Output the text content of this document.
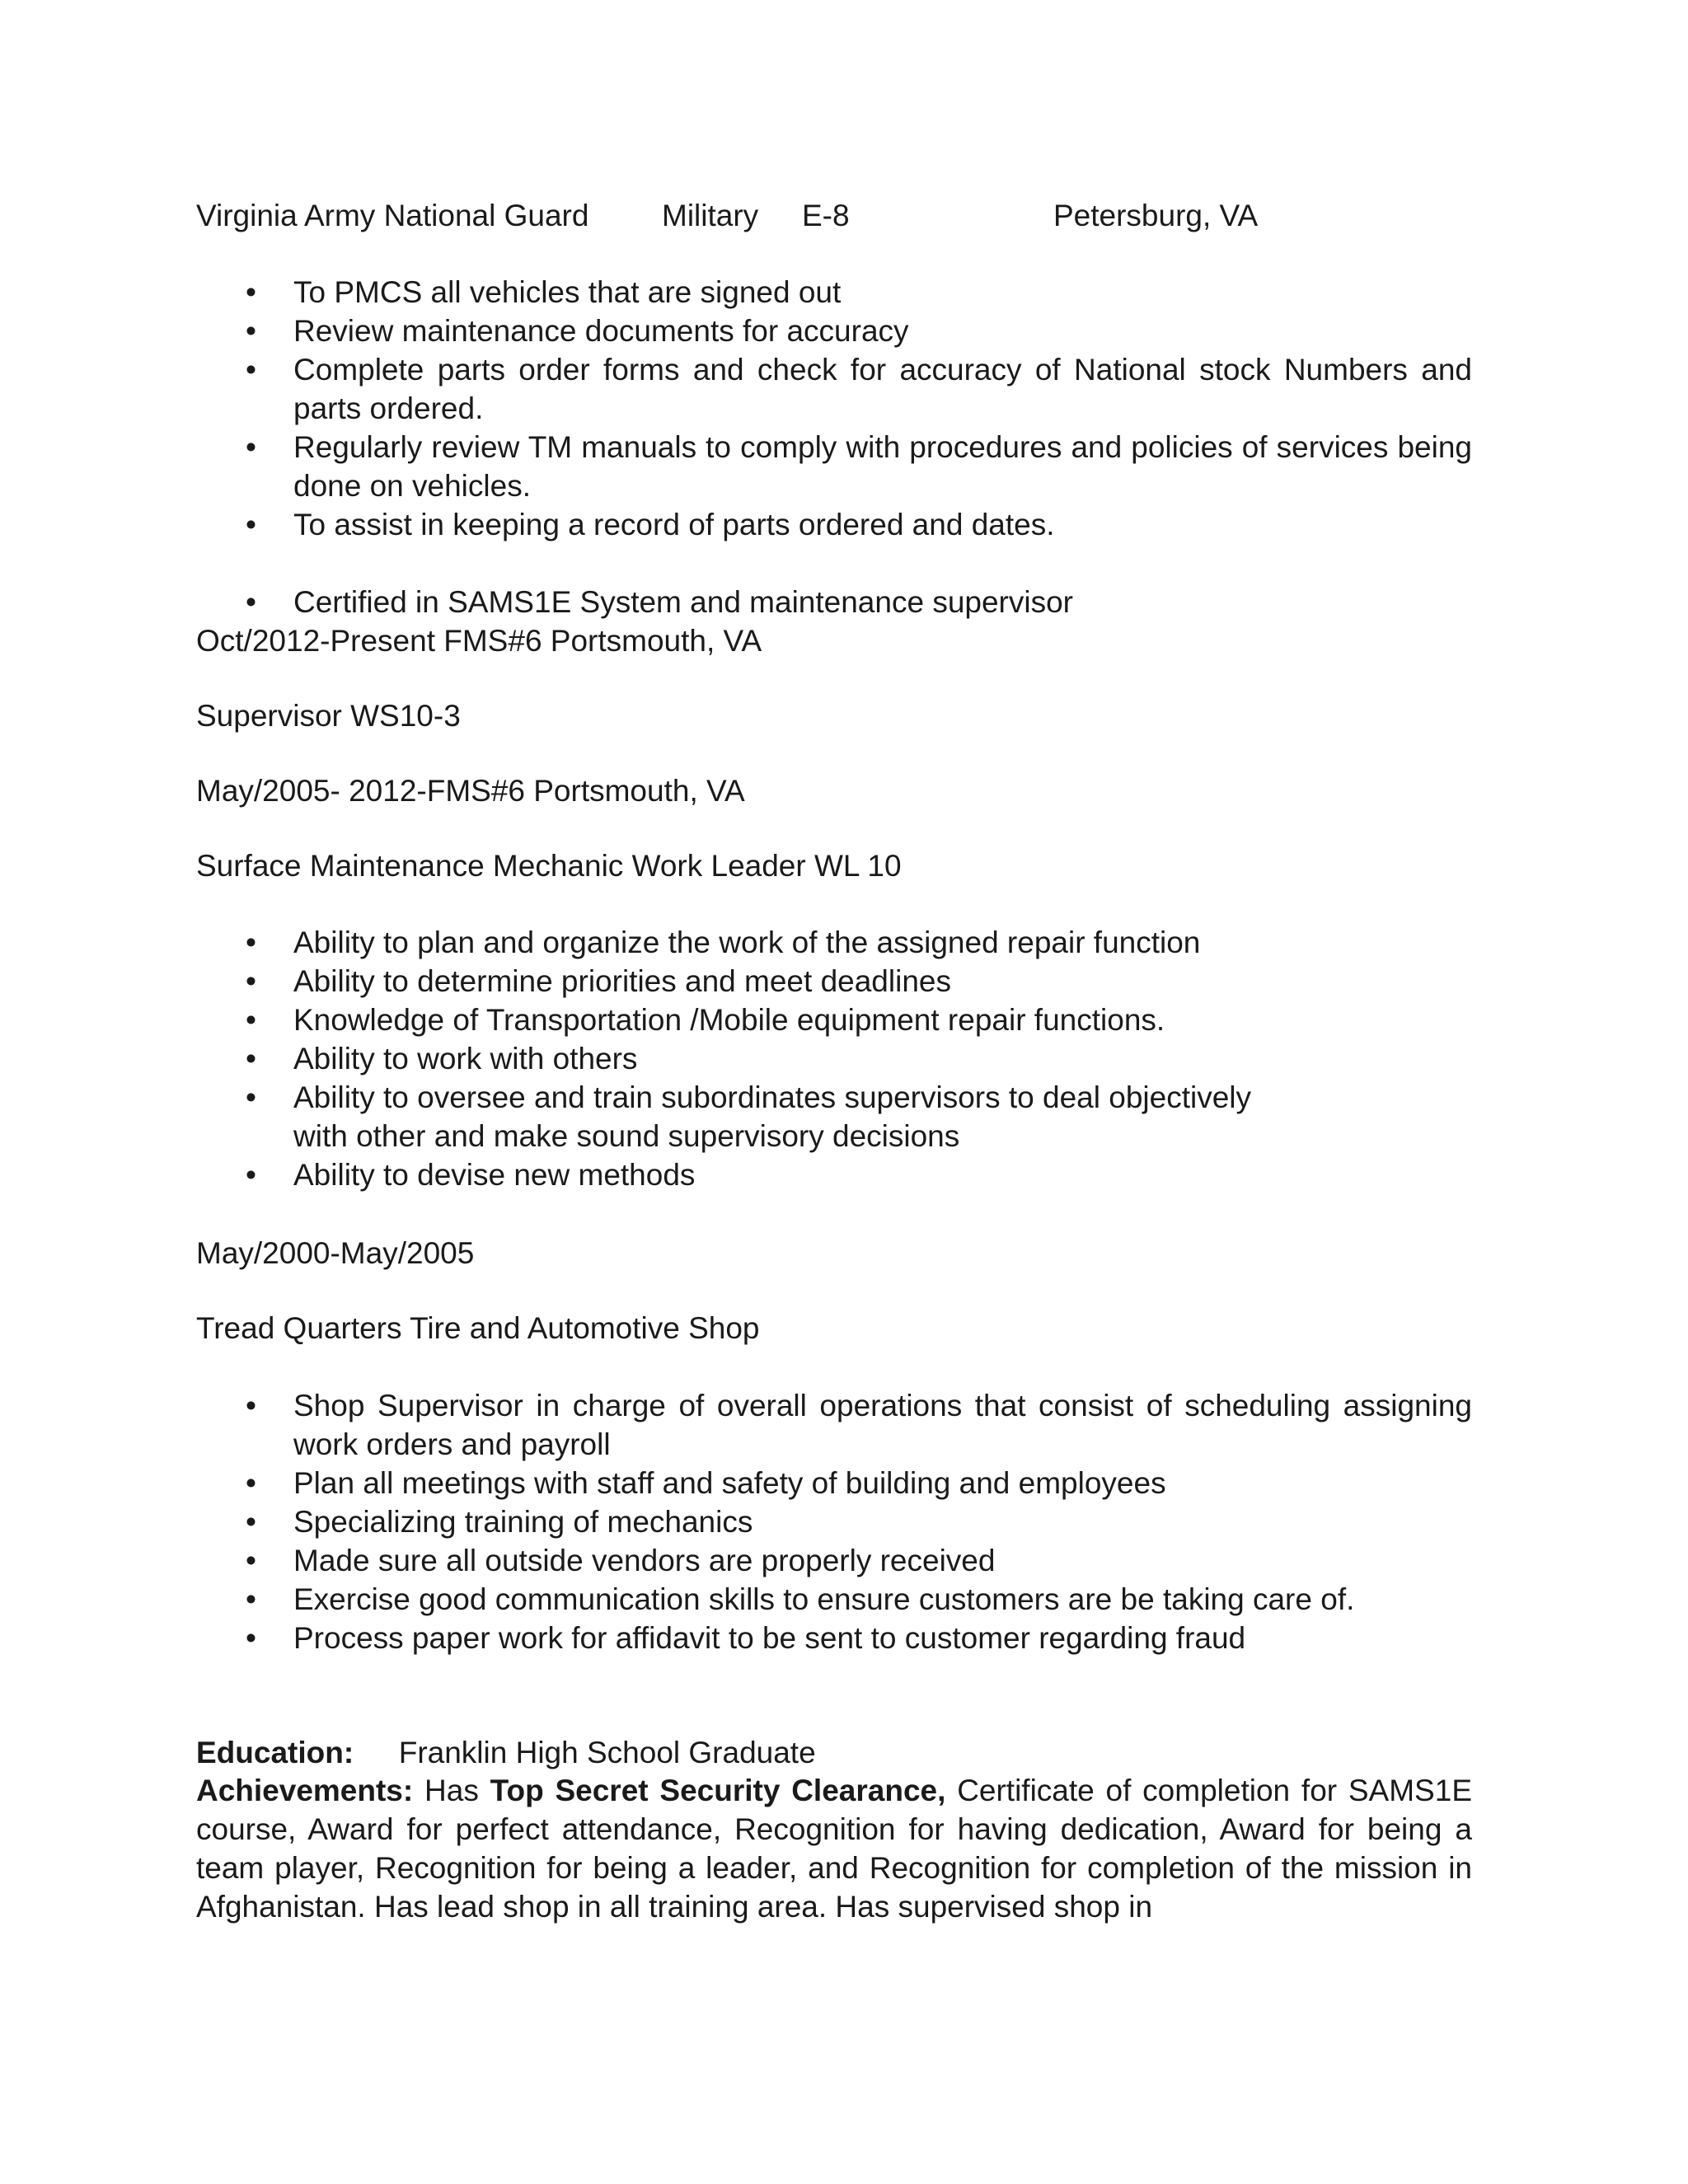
Virginia Army National Guard Military E-8	Petersburg, VA
• To PMCS all vehicles that are signed out
• Review maintenance documents for accuracy
• Complete parts order forms and check for accuracy of National stock Numbers and parts ordered.
• Regularly review TM manuals to comply with procedures and policies of services being done on vehicles.
• To assist in keeping a record of parts ordered and dates.
• Certified in SAMS1E System and maintenance supervisor
Oct/2012-Present FMS#6 Portsmouth, VA
Supervisor WS10-3
May/2005- 2012-FMS#6 Portsmouth, VA
Surface Maintenance Mechanic Work Leader WL 10
• Ability to plan and organize the work of the assigned repair function
• Ability to determine priorities and meet deadlines
• Knowledge of Transportation /Mobile equipment repair functions.
• Ability to work with others
• Ability to oversee and train subordinates supervisors to deal objectively with other and make sound supervisory decisions
• Ability to devise new methods
May/2000-May/2005
Tread Quarters Tire and Automotive Shop
• Shop Supervisor in charge of overall operations that consist of scheduling assigning work orders and payroll
• Plan all meetings with staff and safety of building and employees
• Specializing training of mechanics
• Made sure all outside vendors are properly received
• Exercise good communication skills to ensure customers are be taking care of.
• Process paper work for affidavit to be sent to customer regarding fraud
Education: Franklin High School Graduate
Achievements: Has Top Secret Security Clearance, Certificate of completion for SAMS1E course, Award for perfect attendance, Recognition for having dedication, Award for being a team player, Recognition for being a leader, and Recognition for completion of the mission in Afghanistan. Has lead shop in all training area. Has supervised shop in
